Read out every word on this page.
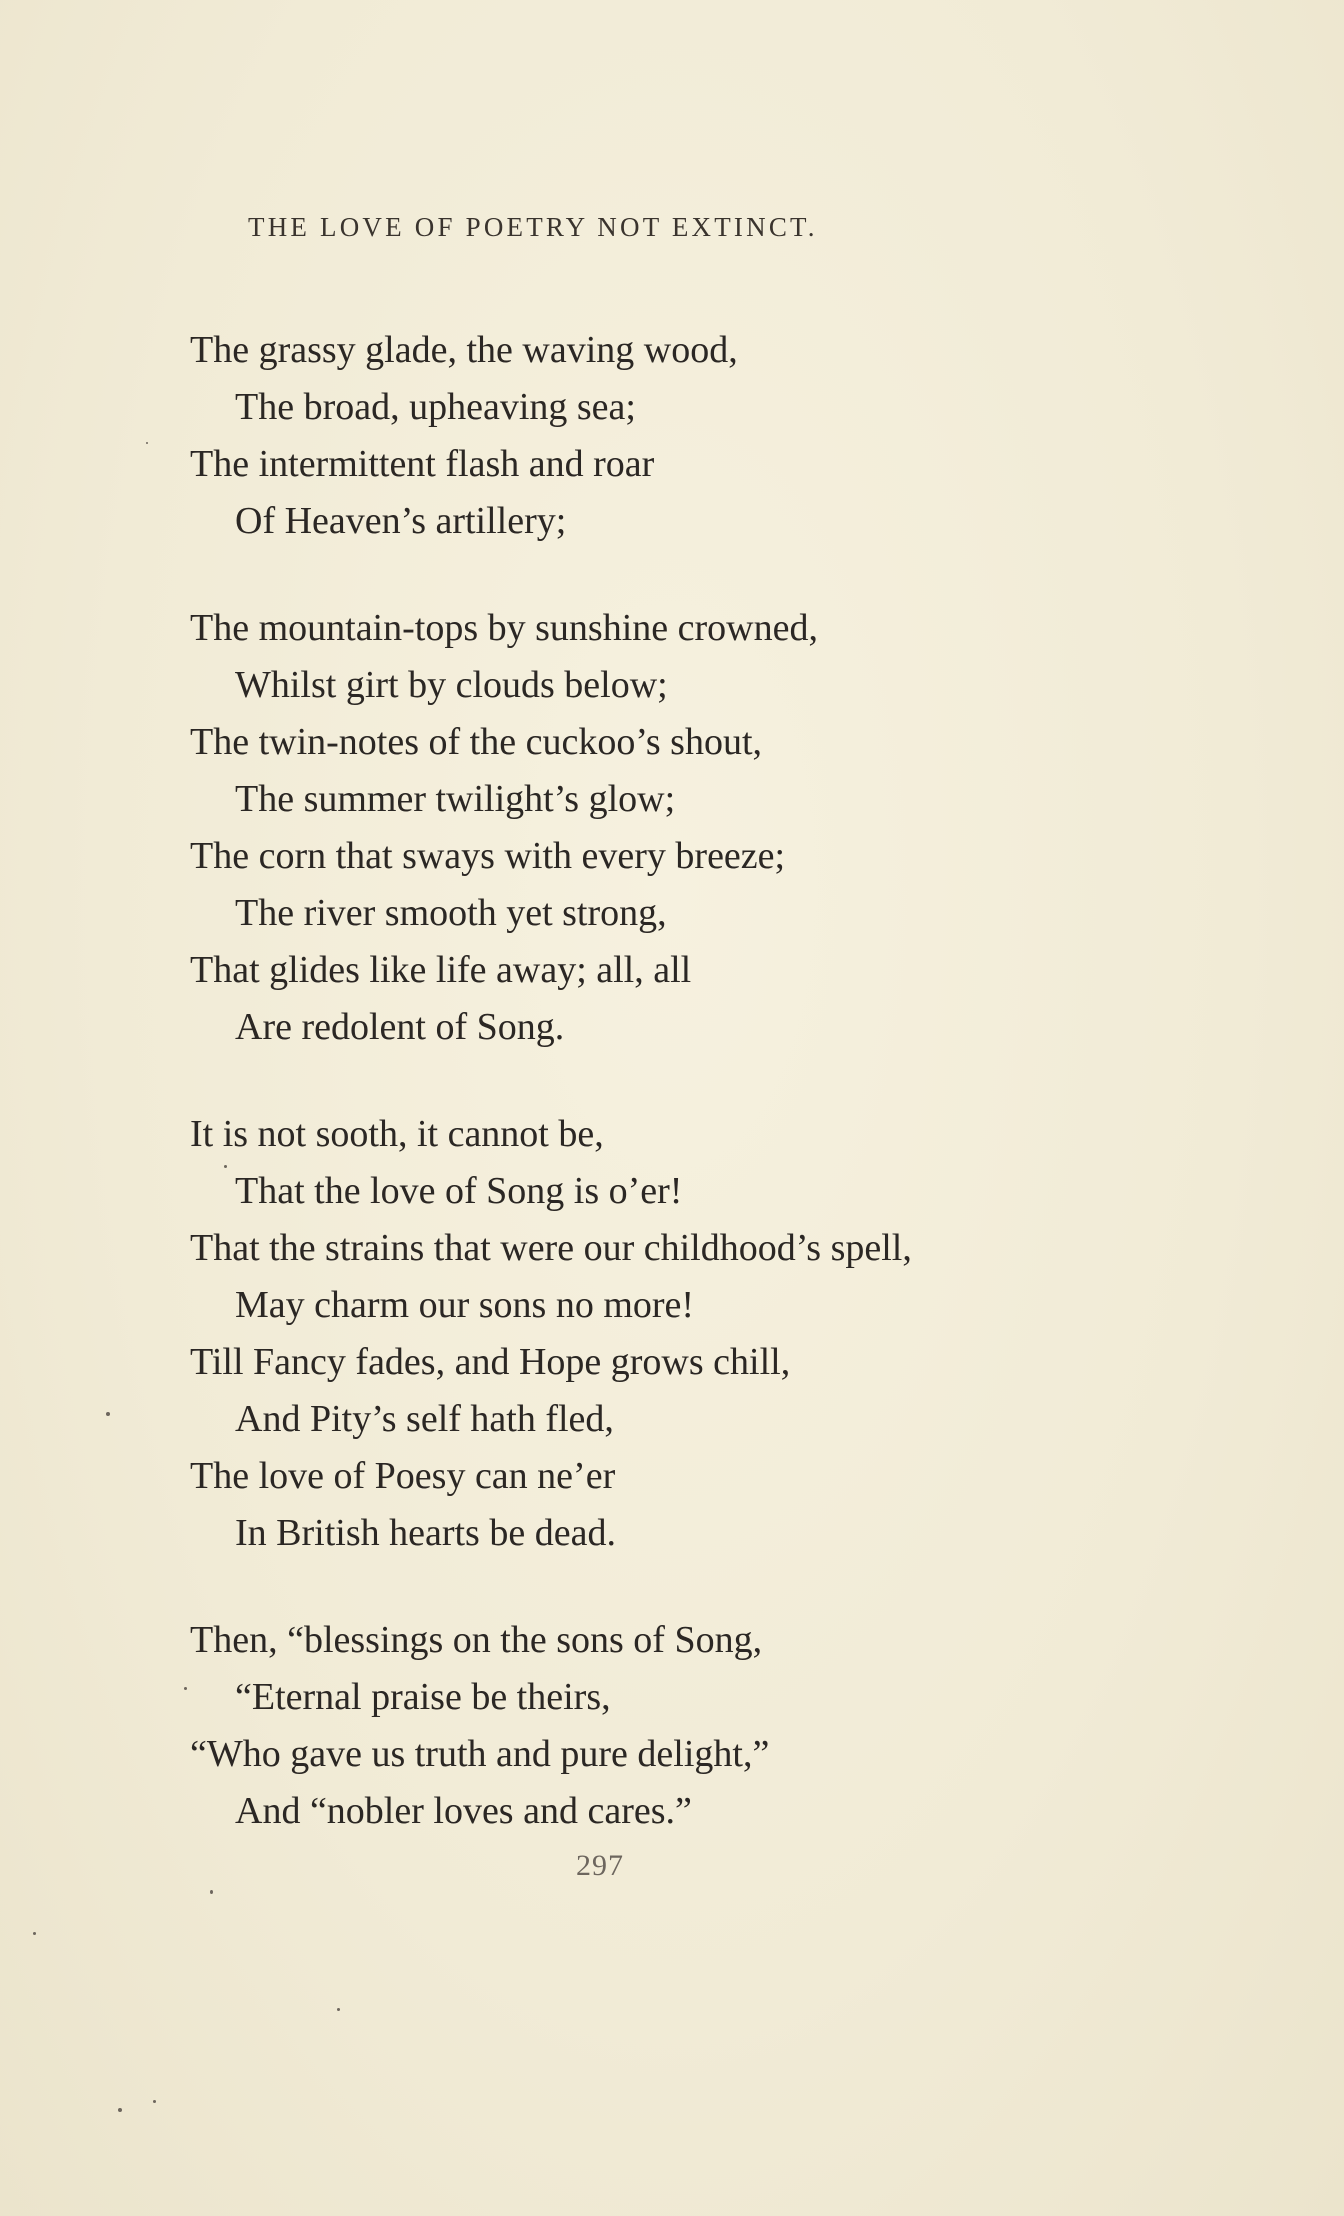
THE LOVE OF POETRY NOT EXTINCT.
The grassy glade, the waving wood,
The broad, upheaving sea;
The intermittent flash and roar
Of Heaven’s artillery;
The mountain-tops by sunshine crowned,
Whilst girt by clouds below;
The twin-notes of the cuckoo’s shout,
The summer twilight’s glow;
The corn that sways with every breeze;
The river smooth yet strong,
That glides like life away; all, all
Are redolent of Song.
It is not sooth, it cannot be,
That the love of Song is o’er!
That the strains that were our childhood’s spell,
May charm our sons no more!
Till Fancy fades, and Hope grows chill,
And Pity’s self hath fled,
The love of Poesy can ne’er
In British hearts be dead.
Then, “blessings on the sons of Song,
“Eternal praise be theirs,
“Who gave us truth and pure delight,”
And “nobler loves and cares.”
297
